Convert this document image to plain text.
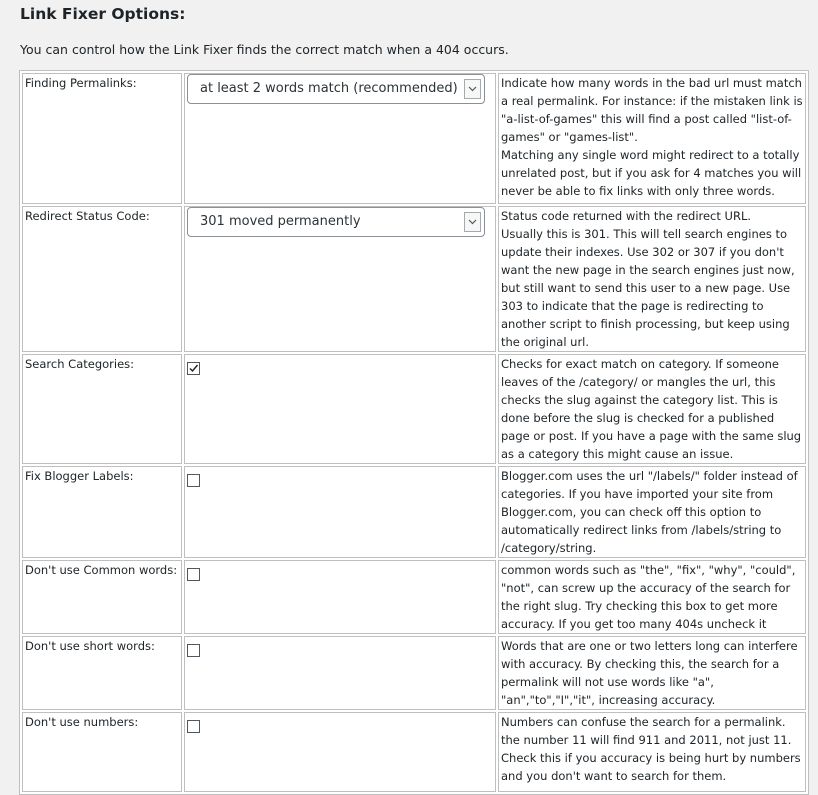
Link Fixer Options:

You can control how the Link Fixer finds the correct match when a 404 occurs.

Finding Permalinks:	at least 2 words match (recommended)	Indicate how many words in the bad url must match a real permalink. For instance: if the mistaken link is "a-list-of-games" this will find a post called "list-of-games" or "games-list".
Matching any single word might redirect to a totally unrelated post, but if you ask for 4 matches you will never be able to fix links with only three words.

Redirect Status Code:	301 moved permanently	Status code returned with the redirect URL.
Usually this is 301. This will tell search engines to update their indexes. Use 302 or 307 if you don't want the new page in the search engines just now, but still want to send this user to a new page. Use 303 to indicate that the page is redirecting to another script to finish processing, but keep using the original url.

Search Categories:		Checks for exact match on category. If someone leaves of the /category/ or mangles the url, this checks the slug against the category list. This is done before the slug is checked for a published page or post. If you have a page with the same slug as a category this might cause an issue.
Fix Blogger Labels:		Blogger.com uses the url "/labels/" folder instead of categories. If you have imported your site from Blogger.com, you can check off this option to automatically redirect links from /labels/string to /category/string.
Don't use Common words:		common words such as "the", "fix", "why", "could", "not", can screw up the accuracy of the search for the right slug. Try checking this box to get more accuracy. If you get too many 404s uncheck it
Don't use short words:		Words that are one or two letters long can interfere with accuracy. By checking this, the search for a permalink will not use words like "a", "an","to","I","it", increasing accuracy.
Don't use numbers:		Numbers can confuse the search for a permalink. the number 11 will find 911 and 2011, not just 11. Check this if you accuracy is being hurt by numbers and you don't want to search for them.
